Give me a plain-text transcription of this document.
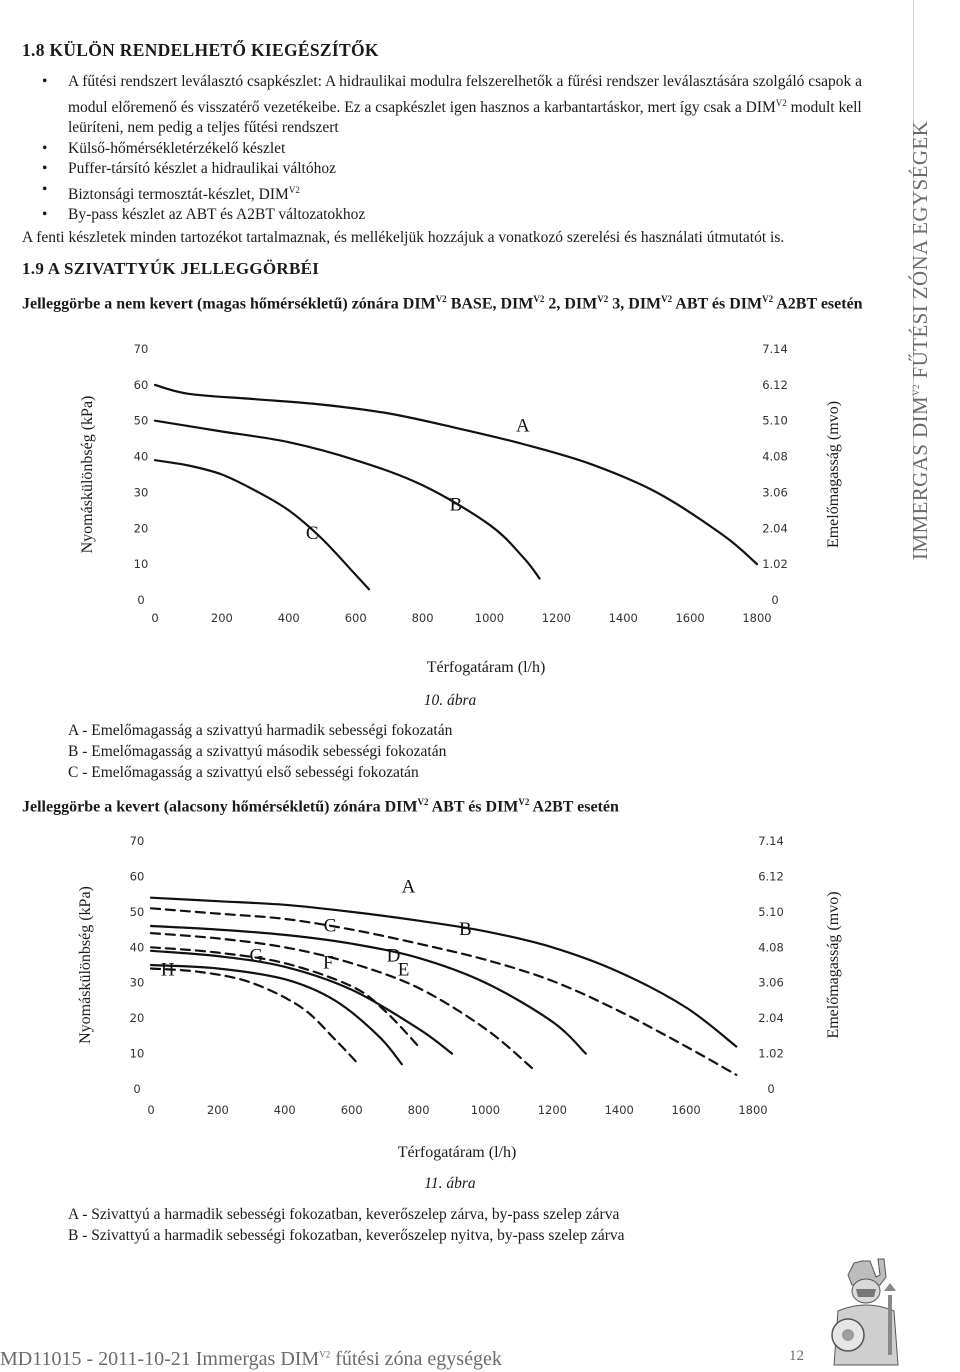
1.8 KÜLÖN RENDELHETŐ KIEGÉSZÍTŐK
• A fűtési rendszert leválasztó csapkészlet: A hidraulikai modulra felszerelhetők a fűrési rendszer leválasztására szolgáló csapok a modul előremenő és visszatérő vezetékeibe. Ez a csapkészlet igen hasznos a karbantartáskor, mert így csak a $DIM^{V2}$ modult kell leüríteni, nem pedig a teljes fűtési rendszert
• Külső-hőmérsékletérzékelő készlet
• Puffer-társító készlet a hidraulikai váltóhoz
• Biztonsági termosztát-készlet, $DIM^{V2}$
• By-pass készlet az ABT és A2BT változatokhoz
A fenti készletek minden tartozékot tartalmaznak, és mellékeljük hozzájuk a vonatkozó szerelési és használati útmutatót is.
1.9 A SZIVATTYÚK JELLEGGÖRBÉI
Jelleggörbe a nem kevert (magas hőmérsékletű) zónára $DIM^{V2}$ BASE, $DIM^{V2}$ 2, $DIM^{V2}$ 3, $DIM^{V2}$ ABT és $DIM^{V2}$ A2BT esetén
0
10
20
30
40
50
60
70
0
1.02
2.04
3.06
4.08
5.10
6.12
7.14
0	200	400	600	800	1000	1200	1400	1600	1800
Nyomáskülönbség (kPa)	Emelőmagasság (mvo)
Térfogatáram (l/h)
A
B
C
10. ábra
A - Emelőmagasság a szivattyú harmadik sebességi fokozatán
B - Emelőmagasság a szivattyú második sebességi fokozatán
C - Emelőmagasság a szivattyú első sebességi fokozatán
Jelleggörbe a kevert (alacsony hőmérsékletű) zónára $DIM^{V2}$ ABT és $DIM^{V2}$ A2BT esetén
0
10
20
30
40
50
60
70
0
1.02
2.04
3.06
4.08
5.10
6.12
7.14
0	200	400	600	800	1000	1200	1400	1600	1800
Nyomáskülönbség (kPa)	Emelőmagasság (mvo)
Térfogatáram (l/h)
A
B
C
D
E
F
G
H
11. ábra
A - Szivattyú a harmadik sebességi fokozatban, keverőszelep zárva, by-pass szelep zárva
B - Szivattyú a harmadik sebességi fokozatban, keverőszelep nyitva, by-pass szelep zárva
IMMERGAS $DIM^{V2}$ FŰTÉSI ZÓNA EGYSÉGEK
MD11015 - 2011-10-21 Immergas $DIM^{V2}$ fűtési zóna egységek	12
